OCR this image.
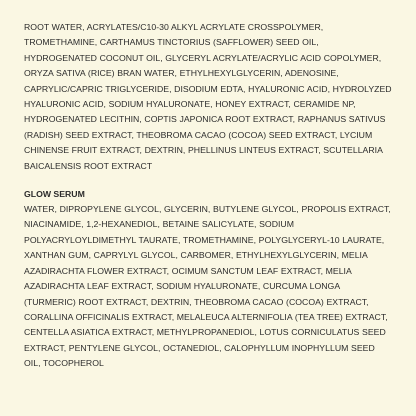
ROOT WATER, ACRYLATES/C10-30 ALKYL ACRYLATE CROSSPOLYMER, TROMETHAMINE, CARTHAMUS TINCTORIUS (SAFFLOWER) SEED OIL, HYDROGENATED COCONUT OIL, GLYCERYL ACRYLATE/ACRYLIC ACID COPOLYMER, ORYZA SATIVA (RICE) BRAN WATER, ETHYLHEXYLGLYCERIN, ADENOSINE, CAPRYLIC/CAPRIC TRIGLYCERIDE, DISODIUM EDTA, HYALURONIC ACID, HYDROLYZED HYALURONIC ACID, SODIUM HYALURONATE, HONEY EXTRACT, CERAMIDE NP, HYDROGENATED LECITHIN, COPTIS JAPONICA ROOT EXTRACT, RAPHANUS SATIVUS (RADISH) SEED EXTRACT, THEOBROMA CACAO (COCOA) SEED EXTRACT, LYCIUM CHINENSE FRUIT EXTRACT, DEXTRIN, PHELLINUS LINTEUS EXTRACT, SCUTELLARIA BAICALENSIS ROOT EXTRACT

GLOW SERUM

WATER, DIPROPYLENE GLYCOL, GLYCERIN, BUTYLENE GLYCOL, PROPOLIS EXTRACT, NIACINAMIDE, 1,2-HEXANEDIOL, BETAINE SALICYLATE, SODIUM POLYACRYLOYLDIMETHYL TAURATE, TROMETHAMINE, POLYGLYCERYL-10 LAURATE, XANTHAN GUM, CAPRYLYL GLYCOL, CARBOMER, ETHYLHEXYLGLYCERIN, MELIA AZADIRACHTA FLOWER EXTRACT, OCIMUM SANCTUM LEAF EXTRACT, MELIA AZADIRACHTA LEAF EXTRACT, SODIUM HYALURONATE, CURCUMA LONGA (TURMERIC) ROOT EXTRACT, DEXTRIN, THEOBROMA CACAO (COCOA) EXTRACT, CORALLINA OFFICINALIS EXTRACT, MELALEUCA ALTERNIFOLIA (TEA TREE) EXTRACT, CENTELLA ASIATICA EXTRACT, METHYLPROPANEDIOL, LOTUS CORNICULATUS SEED EXTRACT, PENTYLENE GLYCOL, OCTANEDIOL, CALOPHYLLUM INOPHYLLUM SEED OIL, TOCOPHEROL
